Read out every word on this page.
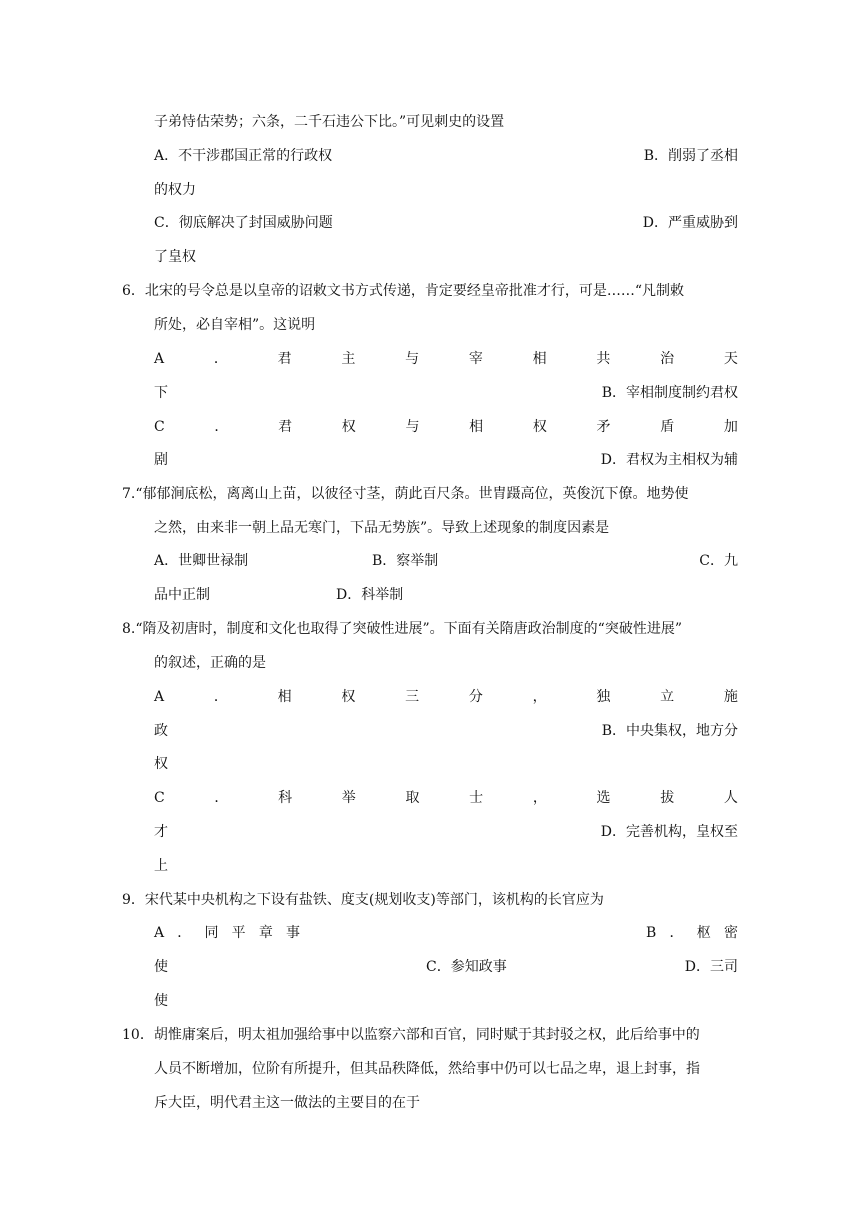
子弟恃估荣势；六条，二千石违公下比。”可见刺史的设置
A．不干涉郡国正常的行政权	B．削弱了丞相
的权力
C．彻底解决了封国威胁问题	D．严重威胁到
了皇权
6．北宋的号令总是以皇帝的诏敕文书方式传递，肯定要经皇帝批准才行，可是……“凡制敕
所处，必自宰相”。这说明
A	．	君	主	与	宰	相	共	治	天
下	B．宰相制度制约君权
C	．	君	权	与	相	权	矛	盾	加
剧	D．君权为主相权为辅
7.“郁郁涧底松，离离山上苗，以彼径寸茎，荫此百尺条。世胄蹑高位，英俊沉下僚。地势使
之然，由来非一朝上品无寒门，下品无势族”。导致上述现象的制度因素是
A．世卿世禄制	B．察举制	C．九
品中正制	D．科举制
8.“隋及初唐时，制度和文化也取得了突破性进展”。下面有关隋唐政治制度的“突破性进展”
的叙述，正确的是
A	．	相	权	三	分	，	独	立	施
政	B．中央集权，地方分
权
C	．	科	举	取	士	，	选	拔	人
才	D．完善机构，皇权至
上
9．宋代某中央机构之下设有盐铁、度支(规划收支)等部门，该机构的长官应为
A ． 同 平 章 事	B ． 枢 密
使	C．参知政事	D．三司
使
10．胡惟庸案后，明太祖加强给事中以监察六部和百官，同时赋于其封驳之权，此后给事中的
人员不断增加，位阶有所提升，但其品秩降低，然给事中仍可以七品之卑，退上封事，指
斥大臣，明代君主这一做法的主要目的在于
